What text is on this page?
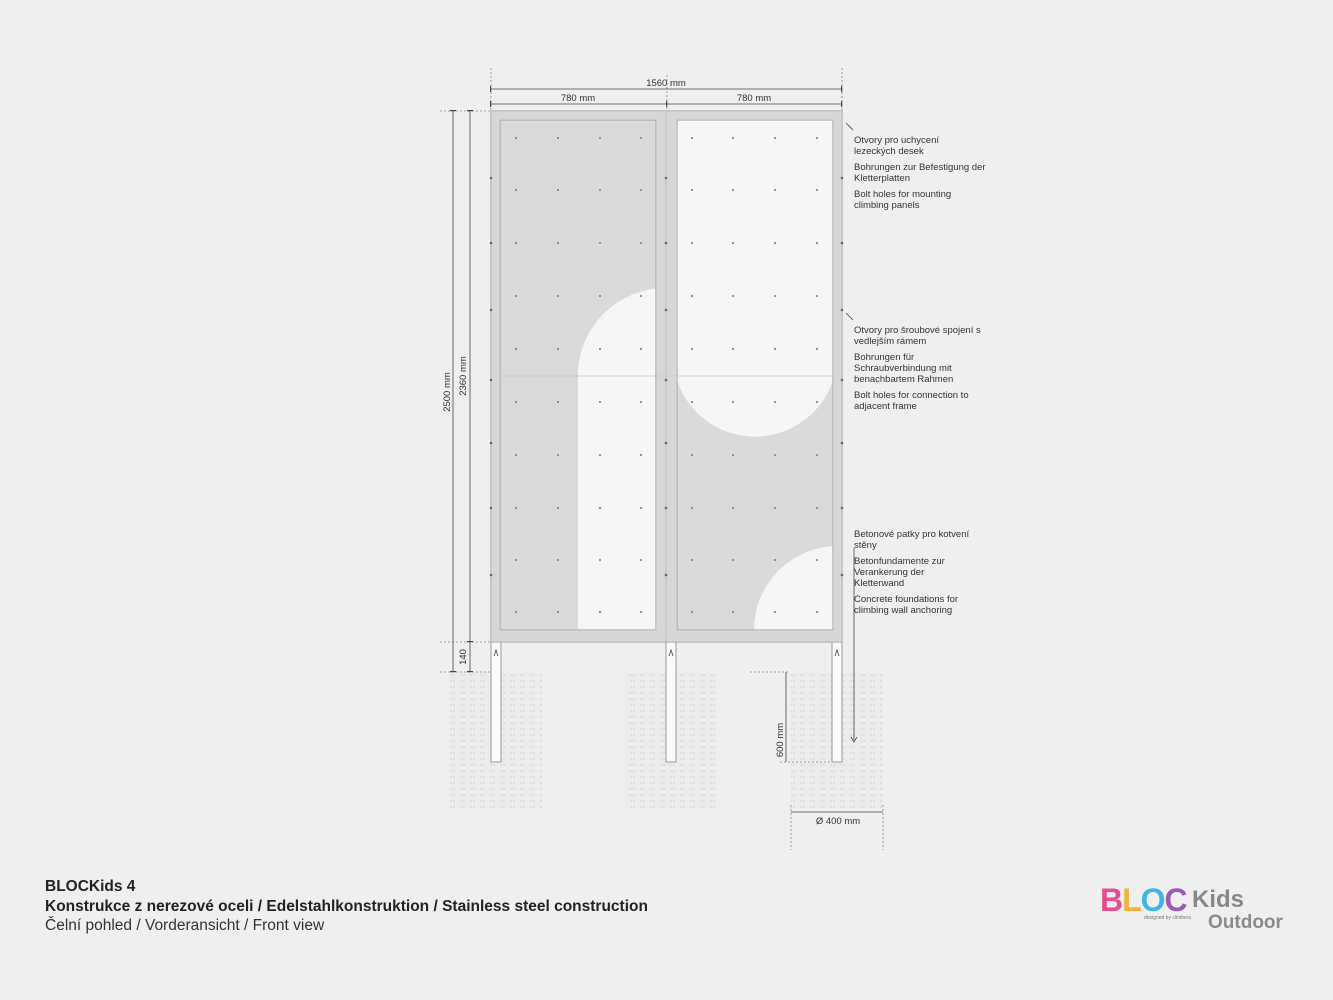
1560 mm
780 mm	780 mm
2500 mm 2360 mm
140
600 mm
Ø 400 mm

Otvory pro uchycení lezeckých desek

Bohrungen zur Befestigung der Kletterplatten

Bolt holes for mounting climbing panels

Otvory pro šroubové spojení s vedlejším rámem

Bohrungen für Schraubverbindung mit benachbartem Rahmen

Bolt holes for connection to adjacent frame

Betonové patky pro kotvení stěny

Betonfundamente zur Verankerung der Kletterwand

Concrete foundations for climbing wall anchoring

BLOCKids 4
Konstrukce z nerezové oceli / Edelstahlkonstruktion / Stainless steel construction
Čelní pohled / Vorderansicht / Front view
BLOC Kids
designed by climbers Outdoor
